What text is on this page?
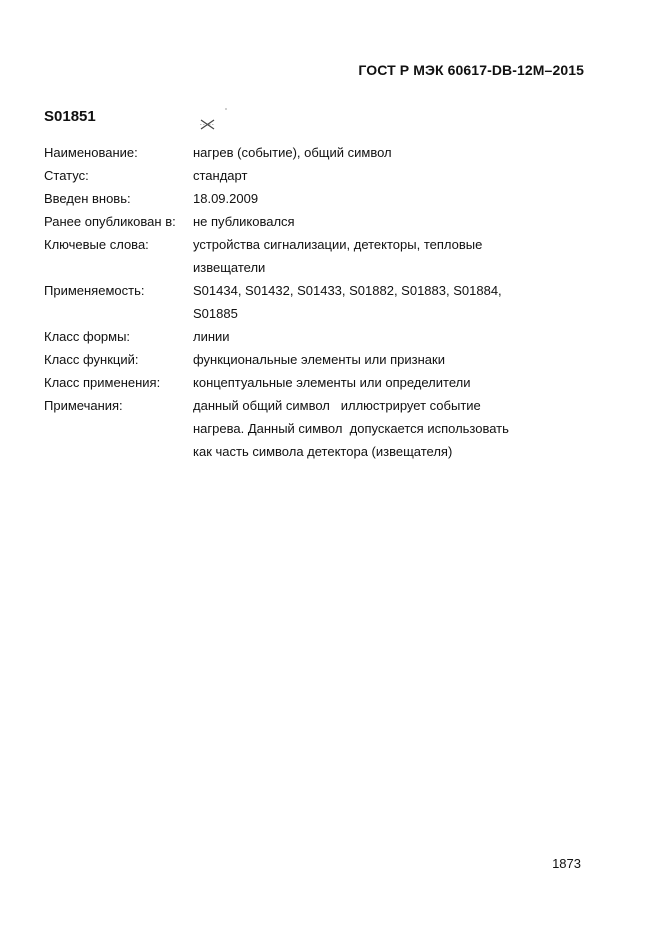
ГОСТ Р МЭК 60617-DB-12M–2015
S01851
Наименование:	нагрев (событие), общий символ
Статус:	стандарт
Введен вновь:	18.09.2009
Ранее опубликован в:	не публиковался
Ключевые слова:	устройства сигнализации, детекторы, тепловые
извещатели
Применяемость:	S01434, S01432, S01433, S01882, S01883, S01884,
S01885
Класс формы:	линии
Класс функций:	функциональные элементы или признаки
Класс применения:	концептуальные элементы или определители
Примечания:	данный общий символ   иллюстрирует событие
нагрева. Данный символ  допускается использовать
как часть символа детектора (извещателя)
1873
